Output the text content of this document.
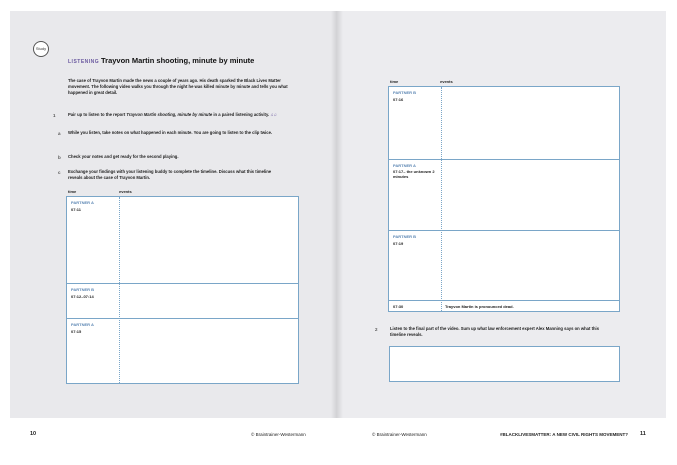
Study
LISTENING Trayvon Martin shooting, minute by minute
The case of Trayvon Martin made the news a couple of years ago. His death sparked the Black Lives Matter movement. The following video walks you through the night he was killed minute by minute and tells you what happened in great detail.
1	Pair up to listen to the report Trayvon Martin shooting, minute by minute in a paired listening activity. ♫♫
a While you listen, take notes on what happened in each minute. You are going to listen to the clip twice.
b Check your notes and get ready for the second playing.
c Exchange your findings with your listening buddy to complete the timeline. Discuss what this timeline reveals about the case of Trayvon Martin.
time	events
PARTNER A
07:11
PARTNER B
07:12–07:14
PARTNER A
07:15
time	events
PARTNER B
07:16
PARTNER A
07:17– the unknown 2 minutes
PARTNER B
07:19
07:30	Trayvon Martin is pronounced dead.
2	Listen to the final part of the video. Sum up what law enforcement expert Alex Manning says on what this timeline reveals.
10	© Braintrainer-Westermann	© Braintrainer-Westermann	#BLACKLIVESMATTER: A NEW CIVIL RIGHTS MOVEMENT? 11
